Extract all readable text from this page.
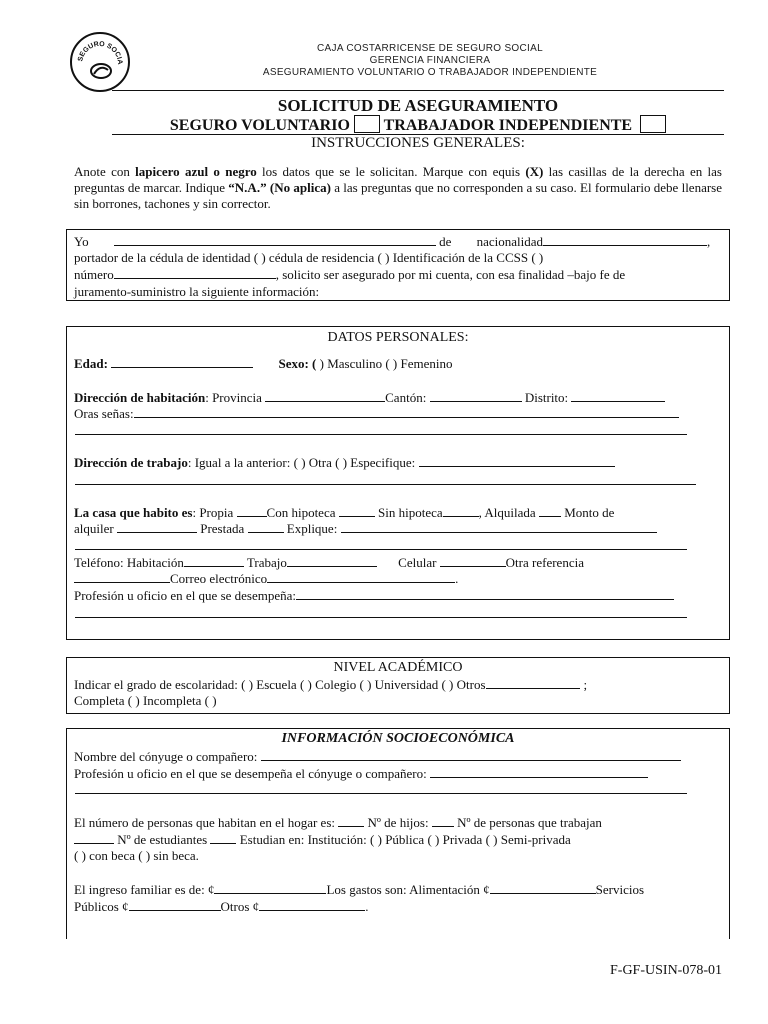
SEGURO SOCIA
CAJA COSTARRICENSE DE SEGURO SOCIAL
GERENCIA FINANCIERA
ASEGURAMIENTO VOLUNTARIO O TRABAJADOR INDEPENDIENTE
SOLICITUD DE ASEGURAMIENTO
SEGURO VOLUNTARIO TRABAJADOR INDEPENDIENTE
INSTRUCCIONES GENERALES:
Anote con lapicero azul o negro los datos que se le solicitan. Marque con equis (X) las casillas de la derecha en las preguntas de marcar. Indique “N.A.” (No aplica) a las preguntas que no corresponden a su caso. El formulario debe llenarse sin borrones, tachones y sin corrector.
Yo	de nacionalidad	,
portador de la cédula de identidad ( ) cédula de residencia ( ) Identificación de la CCSS ( )
número	, solicito ser asegurado por mi cuenta, con esa finalidad –bajo fe de
juramento-suministro la siguiente información:
DATOS PERSONALES:
Edad:	Sexo: ( ) Masculino ( ) Femenino
Dirección de habitación: Provincia	Cantón:	Distrito:
Oras señas:
Dirección de trabajo: Igual a la anterior: ( ) Otra ( ) Especifique:
La casa que habito es: Propia Con hipoteca	Sin hipoteca	, Alquilada  Monto de
alquiler	Prestada	Explique:
Teléfono: Habitación	Trabajo	Celular	Otra referencia
Correo electrónico	.
Profesión u oficio en el que se desempeña:
NIVEL ACADÉMICO
Indicar el grado de escolaridad: ( ) Escuela ( ) Colegio ( ) Universidad ( ) Otros	;
Completa ( ) Incompleta ( )
INFORMACIÓN SOCIOECONÓMICA
Nombre del cónyuge o compañero:
Profesión u oficio en el que se desempeña el cónyuge o compañero:
El número de personas que habitan en el hogar es:  Nº de hijos:  Nº de personas que trabajan
Nº de estudiantes  Estudian en: Institución: ( ) Pública ( ) Privada ( ) Semi-privada
( ) con beca ( ) sin beca.
El ingreso familiar es de: ¢	Los gastos son: Alimentación ¢	Servicios
Públicos ¢	Otros ¢	.
F-GF-USIN-078-01
